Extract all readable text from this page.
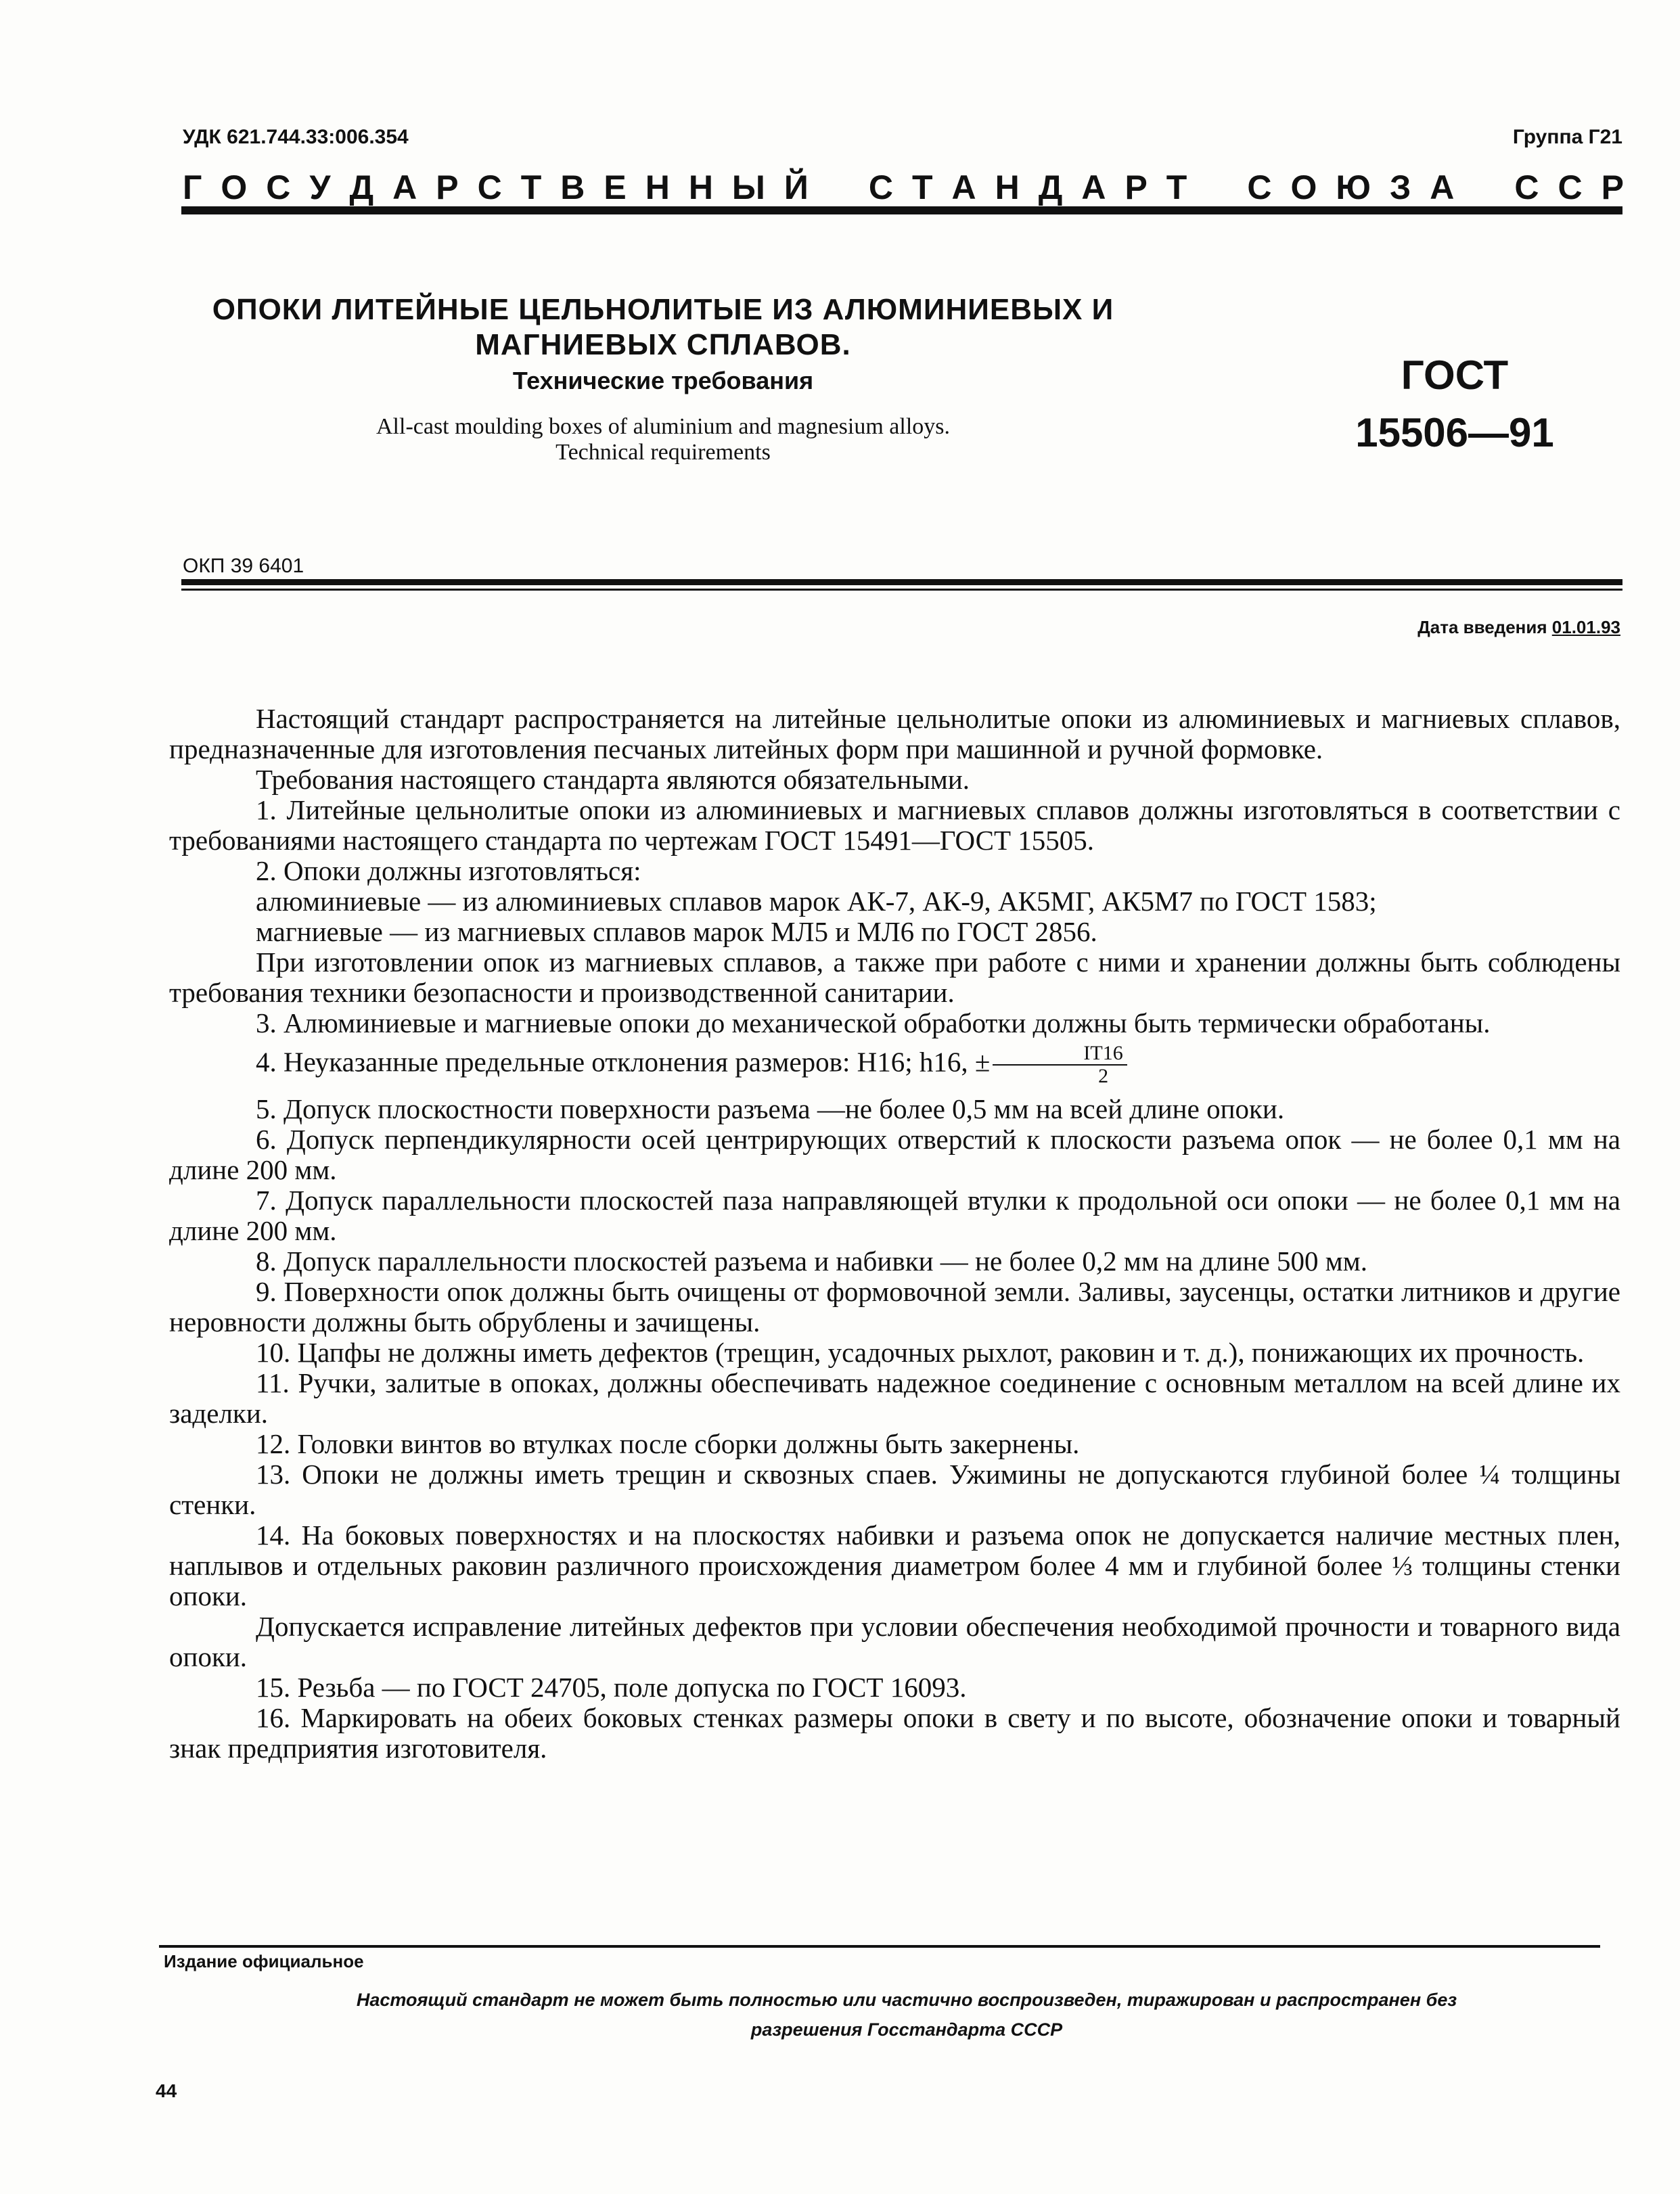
УДК 621.744.33:006.354	Группа Г21
Г О С У Д А Р С Т В Е Н Н Ы Й С Т А Н Д А Р Т С О Ю З А С С Р
ОПОКИ ЛИТЕЙНЫЕ ЦЕЛЬНОЛИТЫЕ ИЗ АЛЮМИНИЕВЫХ И
МАГНИЕВЫХ СПЛАВОВ.
Технические требования
All-cast moulding boxes of aluminium and magnesium alloys.
Technical requirements
ГОСТ
15506—91
ОКП 39 6401
Дата введения 01.01.93

Настоящий стандарт распространяется на литейные цельнолитые опоки из алюминиевых и магниевых сплавов, предназначенные для изготовления песчаных литейных форм при машинной и ручной формовке.

Требования настоящего стандарта являются обязательными.

1. Литейные цельнолитые опоки из алюминиевых и магниевых сплавов должны изготовляться в соответствии с требованиями настоящего стандарта по чертежам ГОСТ 15491—ГОСТ 15505.

2. Опоки должны изготовляться:

алюминиевые — из алюминиевых сплавов марок АК-7, АК-9, АК5МГ, АК5М7 по ГОСТ 1583;

магниевые — из магниевых сплавов марок МЛ5 и МЛ6 по ГОСТ 2856.

При изготовлении опок из магниевых сплавов, а также при работе с ними и хранении должны быть соблюдены требования техники безопасности и производственной санитарии.

3. Алюминиевые и магниевые опоки до механической обработки должны быть термически обработаны.

4. Неуказанные предельные отклонения размеров: Н16; h16, ± $\frac{IT16}{2}$

5. Допуск плоскостности поверхности разъема —не более 0,5 мм на всей длине опоки.

6. Допуск перпендикулярности осей центрирующих отверстий к плоскости разъема опок — не более 0,1 мм на длине 200 мм.

7. Допуск параллельности плоскостей паза направляющей втулки к продольной оси опоки — не более 0,1 мм на длине 200 мм.

8. Допуск параллельности плоскостей разъема и набивки — не более 0,2 мм на длине 500 мм.

9. Поверхности опок должны быть очищены от формовочной земли. Заливы, заусенцы, остатки литников и другие неровности должны быть обрублены и зачищены.

10. Цапфы не должны иметь дефектов (трещин, усадочных рыхлот, раковин и т. д.), понижающих их прочность.

11. Ручки, залитые в опоках, должны обеспечивать надежное соединение с основным металлом на всей длине их заделки.

12. Головки винтов во втулках после сборки должны быть закернены.

13. Опоки не должны иметь трещин и сквозных спаев. Ужимины не допускаются глубиной более ¼ толщины стенки.

14. На боковых поверхностях и на плоскостях набивки и разъема опок не допускается наличие местных плен, наплывов и отдельных раковин различного происхождения диаметром более 4 мм и глубиной более ⅓ толщины стенки опоки.

Допускается исправление литейных дефектов при условии обеспечения необходимой прочности и товарного вида опоки.

15. Резьба — по ГОСТ 24705, поле допуска по ГОСТ 16093.

16. Маркировать на обеих боковых стенках размеры опоки в свету и по высоте, обозначение опоки и товарный знак предприятия изготовителя.

Издание официальное
Настоящий стандарт не может быть полностью или частично воспроизведен, тиражирован и распространен без
разрешения Госстандарта СССР
44
